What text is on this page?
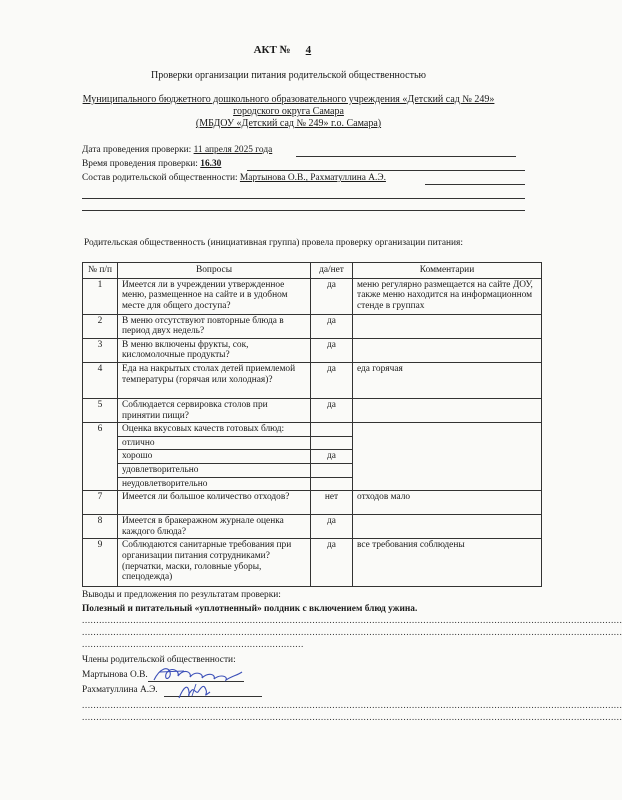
АКТ № 4
Проверки организации питания родительской общественностью
Муниципального бюджетного дошкольного образовательного учреждения «Детский сад № 249»
городского округа Самара
(МБДОУ «Детский сад № 249» г.о. Самара)
Дата проведения проверки: 11 апреля 2025 года
Время проведения проверки: 16.30
Состав родительской общественности: Мартынова О.В., Рахматуллина А.Э.
Родительская общественность (инициативная группа) провела проверку организации питания:
№ п/п	Вопросы	да/нет	Комментарии
1	Имеется ли в учреждении утвержденное меню, размещенное на сайте и в удобном месте для общего доступа?	да	меню регулярно размещается на сайте ДОУ, также меню находится на информационном стенде в группах
2	В меню отсутствуют повторные блюда в период двух недель?	да	
3	В меню включены фрукты, сок, кисломолочные продукты?	да	
4	Еда на накрытых столах детей приемлемой температуры (горячая или холодная)?	да	еда горячая
5	Соблюдается сервировка столов при принятии пищи?	да	
6	Оценка вкусовых качеств готовых блюд:		
	отлично		
	хорошо	да	
	удовлетворительно		
	неудовлетворительно		
7	Имеется ли большое количество отходов?	нет	отходов мало
8	Имеется в бракеражном журнале оценка каждого блюда?	да	
9	Соблюдаются санитарные требования при организации питания сотрудниками? (перчатки, маски, головные уборы, спецодежда)	да	все требования соблюдены
Выводы и предложения по результатам проверки:
Полезный и питательный «уплотненный» полдник с включением блюд ужина.
..............................................................................................................................................................................................
..............................................................................................................................................................................................
..............................................................................
Члены родительской общественности:
Мартынова О.В.
Рахматуллина А.Э.
..............................................................................................................................................................................................
..............................................................................................................................................................................................
